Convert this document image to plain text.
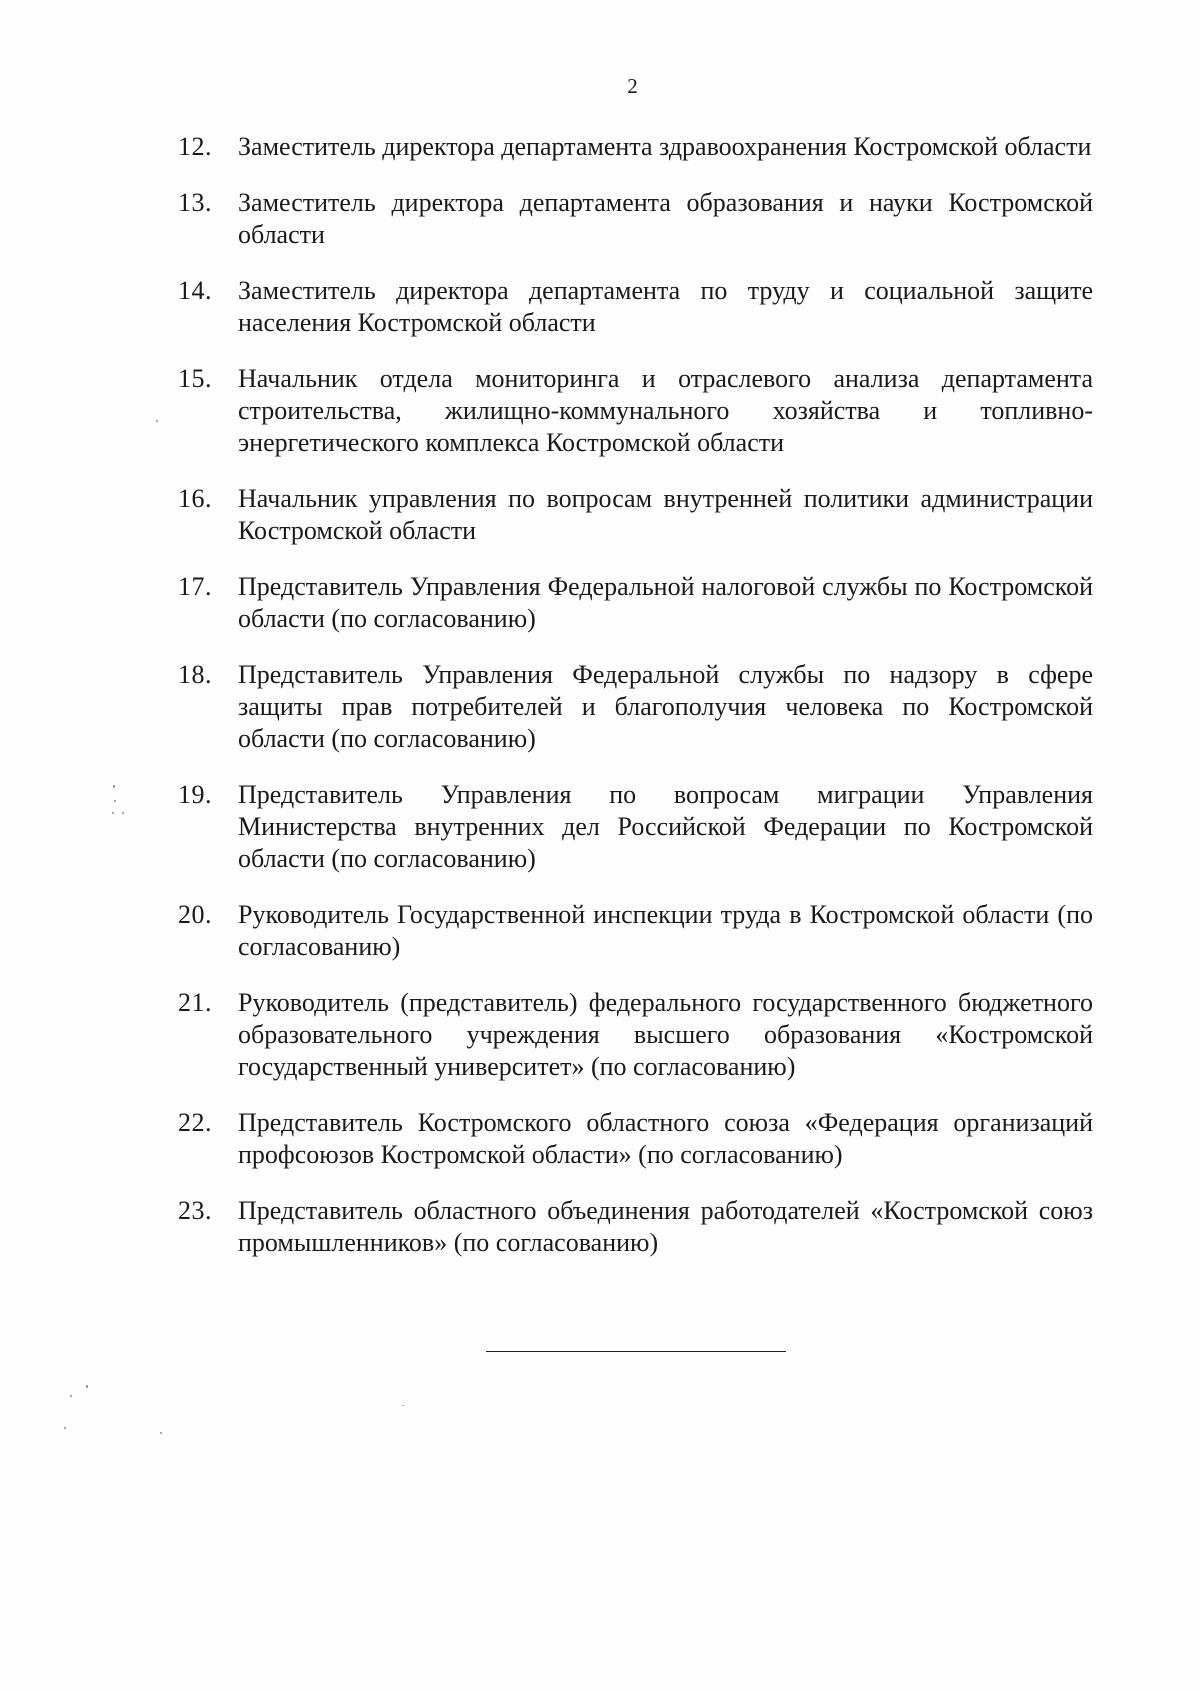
2
12.	Заместитель директора департамента здравоохранения Костромской области
13.	Заместитель директора департамента образования и науки Костромской области
14.	Заместитель директора департамента по труду и социальной защите населения Костромской области
15.	Начальник отдела мониторинга и отраслевого анализа департамента строительства, жилищно-коммунального хозяйства и топливно-энергетического комплекса Костромской области
16.	Начальник управления по вопросам внутренней политики администрации Костромской области
17.	Представитель Управления Федеральной налоговой службы по Костромской области (по согласованию)
18.	Представитель Управления Федеральной службы по надзору в сфере защиты прав потребителей и благополучия человека по Костромской области (по согласованию)
19.	Представитель Управления по вопросам миграции Управления Министерства внутренних дел Российской Федерации по Костромской области (по согласованию)
20.	Руководитель Государственной инспекции труда в Костромской области (по согласованию)
21.	Руководитель (представитель) федерального государственного бюджетного образовательного учреждения высшего образования «Костромской государственный университет» (по согласованию)
22.	Представитель Костромского областного союза «Федерация организаций профсоюзов Костромской области» (по согласованию)
23.	Представитель областного объединения работодателей «Костромской союз промышленников» (по согласованию)
